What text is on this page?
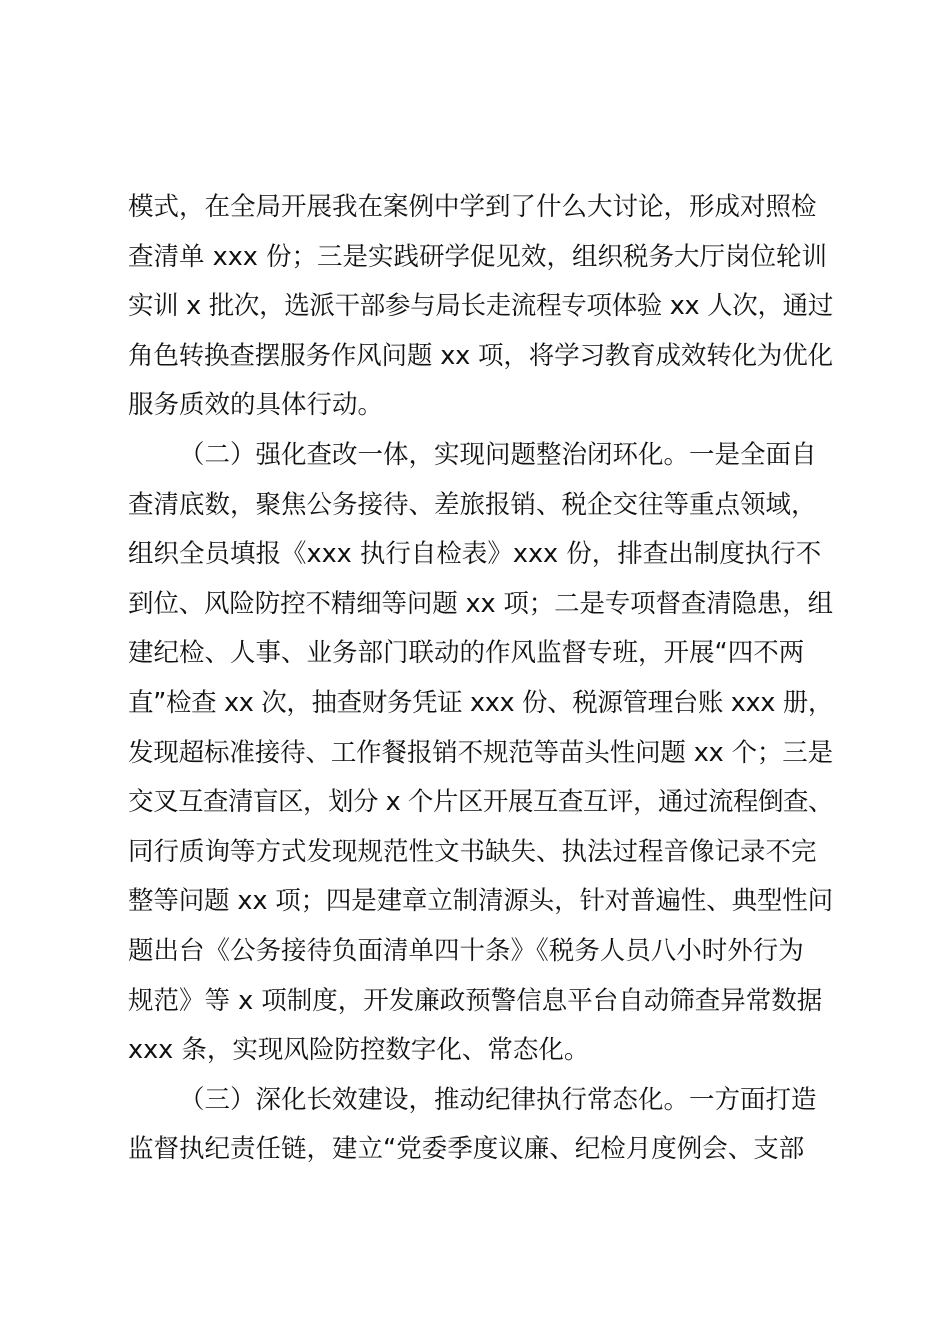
模式，在全局开展我在案例中学到了什么大讨论，形成对照检
查清单 xxx 份；三是实践研学促见效，组织税务大厅岗位轮训
实训 x 批次，选派干部参与局长走流程专项体验 xx 人次，通过
角色转换查摆服务作风问题 xx 项，将学习教育成效转化为优化
服务质效的具体行动。
（二）强化查改一体，实现问题整治闭环化。一是全面自
查清底数，聚焦公务接待、差旅报销、税企交往等重点领域，
组织全员填报《xxx 执行自检表》xxx 份，排查出制度执行不
到位、风险防控不精细等问题 xx 项；二是专项督查清隐患，组
建纪检、人事、业务部门联动的作风监督专班，开展“四不两
直”检查 xx 次，抽查财务凭证 xxx 份、税源管理台账 xxx 册，
发现超标准接待、工作餐报销不规范等苗头性问题 xx 个；三是
交叉互查清盲区，划分 x 个片区开展互查互评，通过流程倒查、
同行质询等方式发现规范性文书缺失、执法过程音像记录不完
整等问题 xx 项；四是建章立制清源头，针对普遍性、典型性问
题出台《公务接待负面清单四十条》《税务人员八小时外行为
规范》等 x 项制度，开发廉政预警信息平台自动筛查异常数据
xxx 条，实现风险防控数字化、常态化。
（三）深化长效建设，推动纪律执行常态化。一方面打造
监督执纪责任链，建立“党委季度议廉、纪检月度例会、支部
